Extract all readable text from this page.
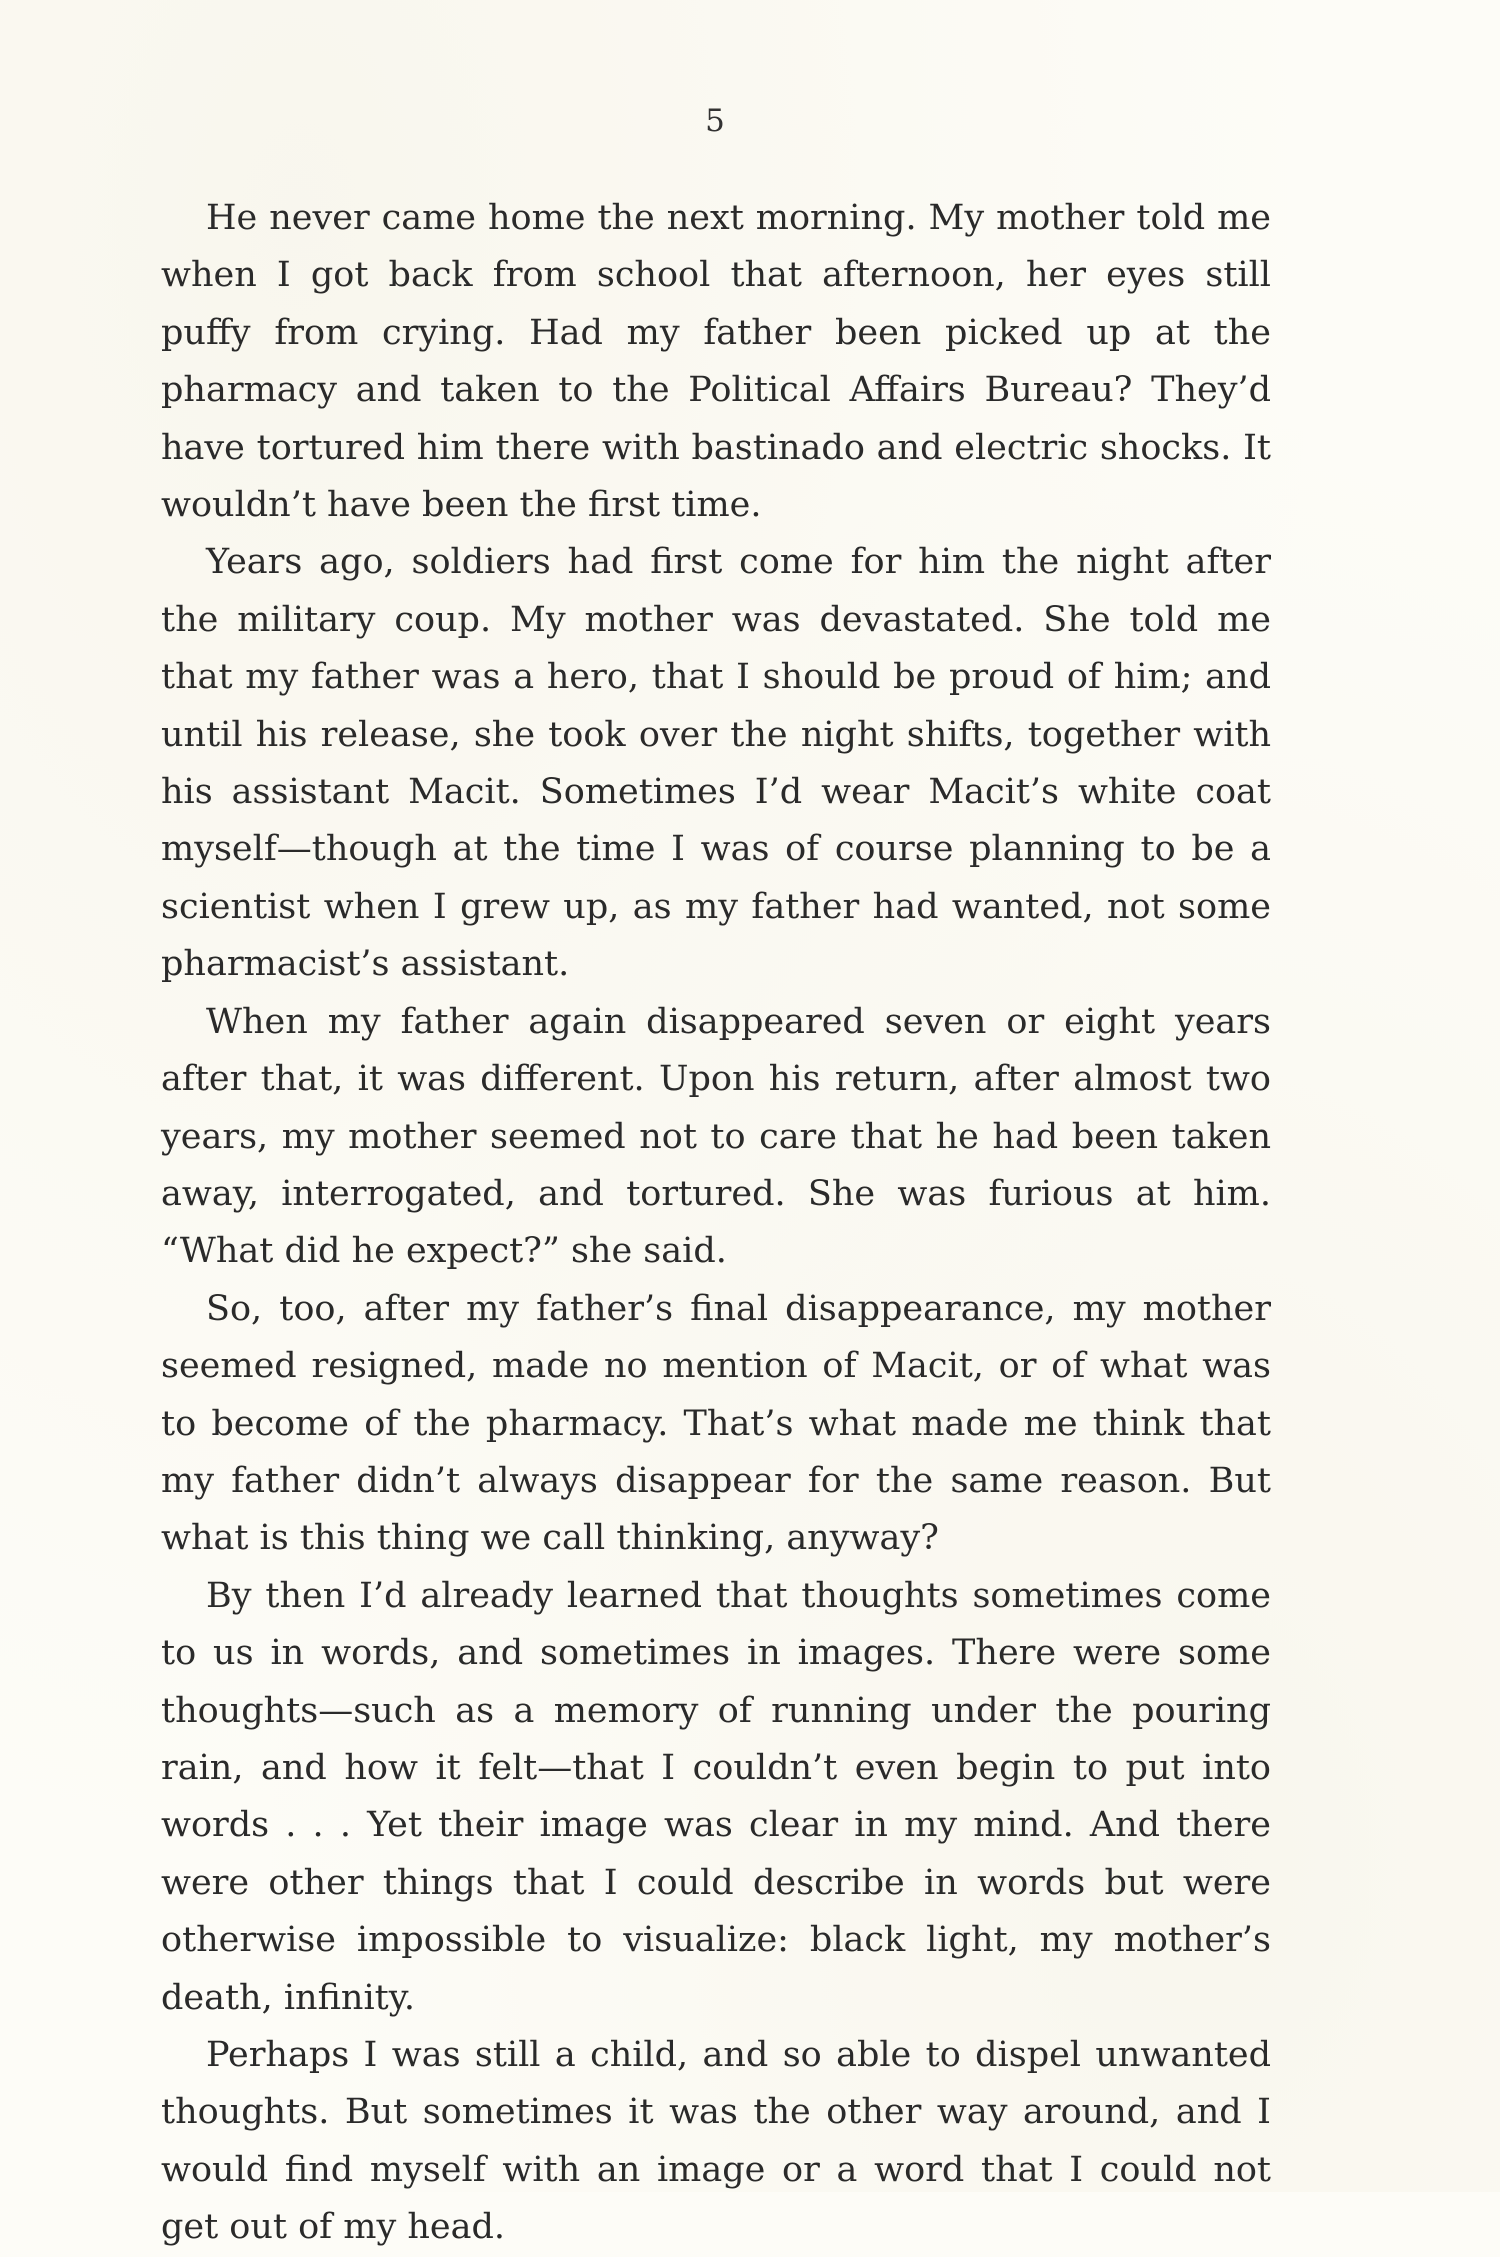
5

He never came home the next morning. My mother told me when I got back from school that afternoon, her eyes still puffy from crying. Had my father been picked up at the pharmacy and taken to the Political Affairs Bureau? They’d have tortured him there with bastinado and electric shocks. It wouldn’t have been the first time.

Years ago, soldiers had first come for him the night after the military coup. My mother was devastated. She told me that my father was a hero, that I should be proud of him; and until his release, she took over the night shifts, together with his assistant Macit. Sometimes I’d wear Macit’s white coat myself—though at the time I was of course planning to be a scientist when I grew up, as my father had wanted, not some pharmacist’s assistant.

When my father again disappeared seven or eight years after that, it was different. Upon his return, after almost two years, my mother seemed not to care that he had been taken away, interrogated, and tortured. She was furious at him. “What did he expect?” she said.

So, too, after my father’s final disappearance, my mother seemed resigned, made no mention of Macit, or of what was to become of the pharmacy. That’s what made me think that my father didn’t always disappear for the same reason. But what is this thing we call thinking, anyway?

By then I’d already learned that thoughts sometimes come to us in words, and sometimes in images. There were some thoughts—such as a memory of running under the pouring rain, and how it felt—that I couldn’t even begin to put into words . . . Yet their image was clear in my mind. And there were other things that I could describe in words but were otherwise impossible to visualize: black light, my mother’s death, infinity.

Perhaps I was still a child, and so able to dispel unwanted thoughts. But sometimes it was the other way around, and I would find myself with an image or a word that I could not get out of my head.
